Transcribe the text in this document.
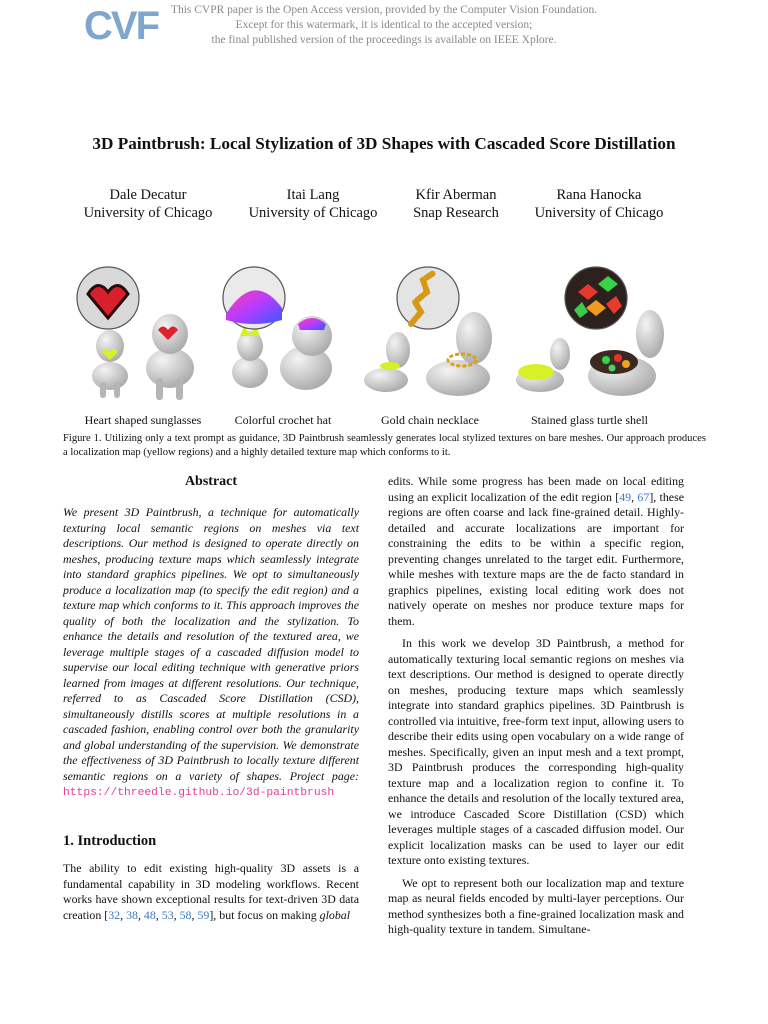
CVF	This CVPR paper is the Open Access version, provided by the Computer Vision Foundation.
Except for this watermark, it is identical to the accepted version;
the final published version of the proceedings is available on IEEE Xplore.
3D Paintbrush: Local Stylization of 3D Shapes with Cascaded Score Distillation
Dale Decatur
University of Chicago
Itai Lang
University of Chicago
Kfir Aberman
Snap Research
Rana Hanocka
University of Chicago
Heart shaped sunglasses	Colorful crochet hat	Gold chain necklace	Stained glass turtle shell
Figure 1. Utilizing only a text prompt as guidance, 3D Paintbrush seamlessly generates local stylized textures on bare meshes. Our approach produces a localization map (yellow regions) and a highly detailed texture map which conforms to it.
Abstract
We present 3D Paintbrush, a technique for automatically texturing local semantic regions on meshes via text descriptions. Our method is designed to operate directly on meshes, producing texture maps which seamlessly integrate into standard graphics pipelines. We opt to simultaneously produce a localization map (to specify the edit region) and a texture map which conforms to it. This approach improves the quality of both the localization and the stylization. To enhance the details and resolution of the textured area, we leverage multiple stages of a cascaded diffusion model to supervise our local editing technique with generative priors learned from images at different resolutions. Our technique, referred to as Cascaded Score Distillation (CSD), simultaneously distills scores at multiple resolutions in a cascaded fashion, enabling control over both the granularity and global understanding of the supervision. We demonstrate the effectiveness of 3D Paintbrush to locally texture different semantic regions on a variety of shapes. Project page: https://threedle.github.io/3d-paintbrush
1. Introduction
The ability to edit existing high-quality 3D assets is a fundamental capability in 3D modeling workflows. Recent works have shown exceptional results for text-driven 3D data creation [32, 38, 48, 53, 58, 59], but focus on making global

edits. While some progress has been made on local editing using an explicit localization of the edit region [49, 67], these regions are often coarse and lack fine-grained detail. Highly-detailed and accurate localizations are important for constraining the edits to be within a specific region, preventing changes unrelated to the target edit. Furthermore, while meshes with texture maps are the de facto standard in graphics pipelines, existing local editing work does not natively operate on meshes nor produce texture maps for them.

In this work we develop 3D Paintbrush, a method for automatically texturing local semantic regions on meshes via text descriptions. Our method is designed to operate directly on meshes, producing texture maps which seamlessly integrate into standard graphics pipelines. 3D Paintbrush is controlled via intuitive, free-form text input, allowing users to describe their edits using open vocabulary on a wide range of meshes. Specifically, given an input mesh and a text prompt, 3D Paintbrush produces the corresponding high-quality texture map and a localization region to confine it. To enhance the details and resolution of the locally textured area, we introduce Cascaded Score Distillation (CSD) which leverages multiple stages of a cascaded diffusion model. Our explicit localization masks can be used to layer our edit texture onto existing textures.

We opt to represent both our localization map and texture map as neural fields encoded by multi-layer perceptions. Our method synthesizes both a fine-grained localization mask and high-quality texture in tandem. Simultane-
